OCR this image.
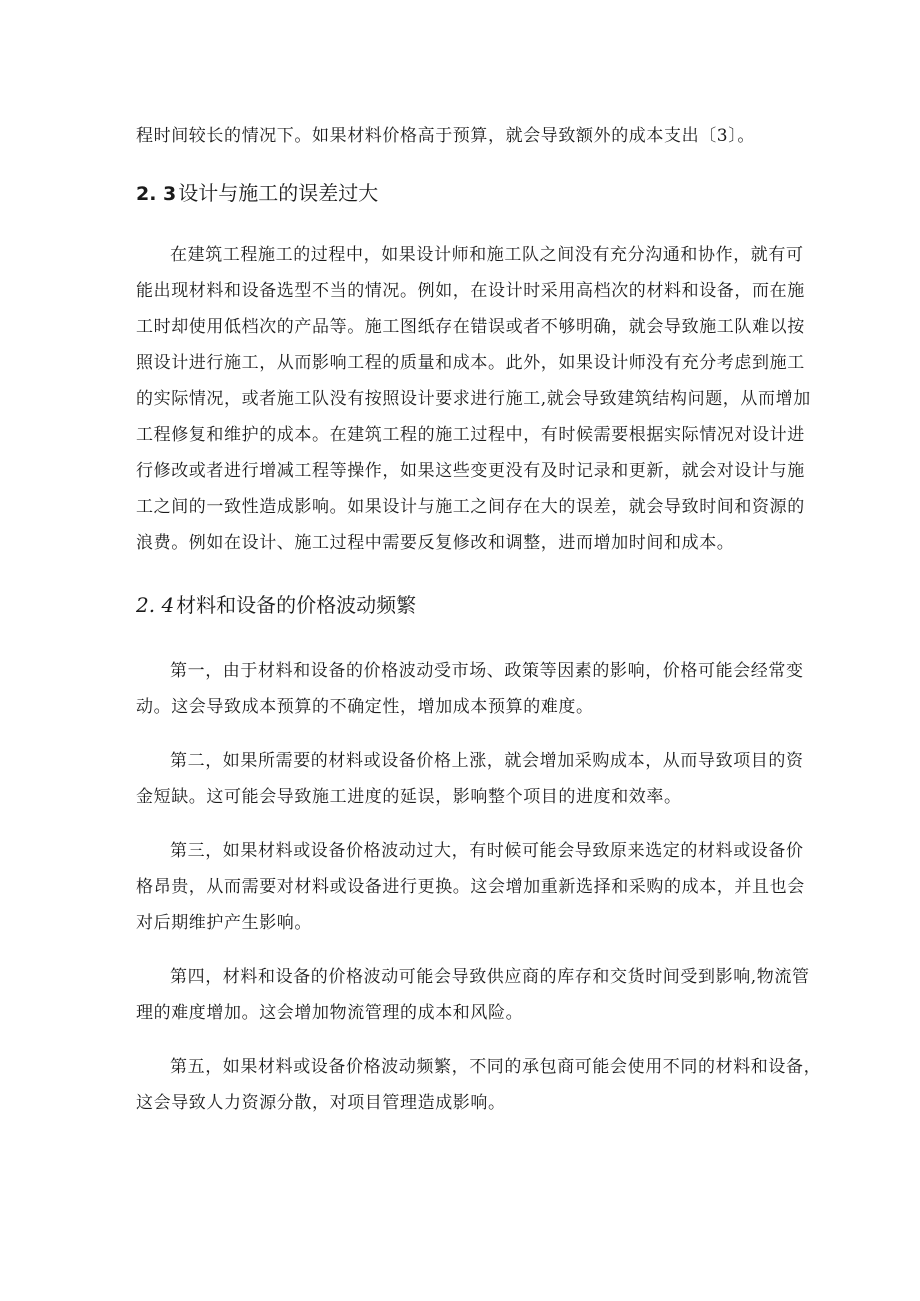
程时间较长的情况下。如果材料价格高于预算，就会导致额外的成本支出〔3〕。
2. 3 设计与施工的误差过大
在建筑工程施工的过程中，如果设计师和施工队之间没有充分沟通和协作，就有可
能出现材料和设备选型不当的情况。例如，在设计时采用高档次的材料和设备，而在施
工时却使用低档次的产品等。施工图纸存在错误或者不够明确，就会导致施工队难以按
照设计进行施工，从而影响工程的质量和成本。此外，如果设计师没有充分考虑到施工
的实际情况，或者施工队没有按照设计要求进行施工,就会导致建筑结构问题，从而增加
工程修复和维护的成本。在建筑工程的施工过程中，有时候需要根据实际情况对设计进
行修改或者进行增减工程等操作，如果这些变更没有及时记录和更新，就会对设计与施
工之间的一致性造成影响。如果设计与施工之间存在大的误差，就会导致时间和资源的
浪费。例如在设计、施工过程中需要反复修改和调整，进而增加时间和成本。
2. 4 材料和设备的价格波动频繁
第一，由于材料和设备的价格波动受市场、政策等因素的影响，价格可能会经常变
动。这会导致成本预算的不确定性，增加成本预算的难度。
第二，如果所需要的材料或设备价格上涨，就会增加采购成本，从而导致项目的资
金短缺。这可能会导致施工进度的延误，影响整个项目的进度和效率。
第三，如果材料或设备价格波动过大，有时候可能会导致原来选定的材料或设备价
格昂贵，从而需要对材料或设备进行更换。这会增加重新选择和采购的成本，并且也会
对后期维护产生影响。
第四，材料和设备的价格波动可能会导致供应商的库存和交货时间受到影响,物流管
理的难度增加。这会增加物流管理的成本和风险。
第五，如果材料或设备价格波动频繁，不同的承包商可能会使用不同的材料和设备，
这会导致人力资源分散，对项目管理造成影响。
